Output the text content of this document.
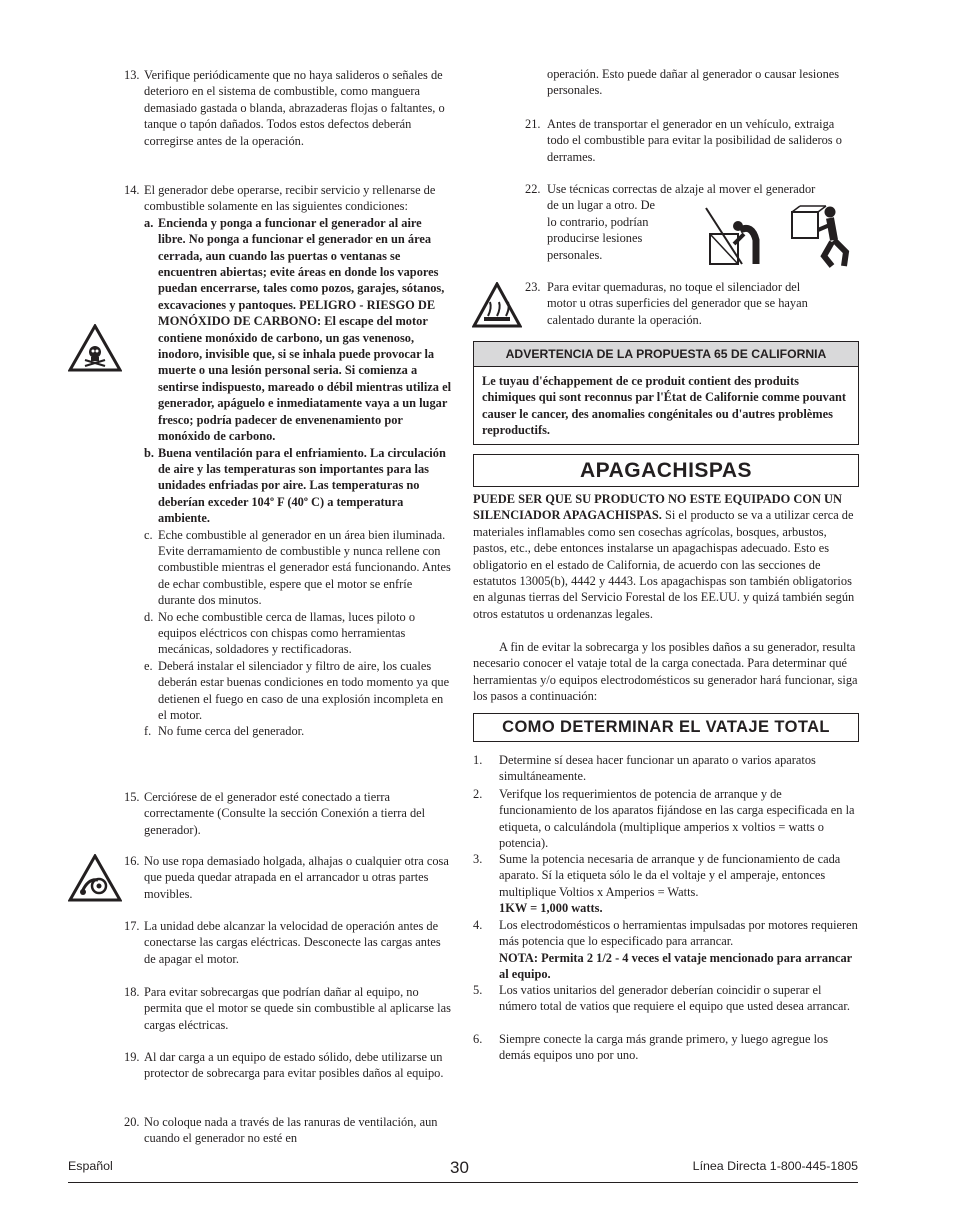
13. Verifique periódicamente que no haya salideros o señales de deterioro en el sistema de combustible, como manguera demasiado gastada o blanda, abrazaderas flojas o faltantes, o tanque o tapón dañados. Todos estos defectos deberán corregirse antes de la operación.
14. El generador debe operarse, recibir servicio y rellenarse de combustible solamente en las siguientes condiciones:
a. Encienda y ponga a funcionar el generador al aire libre. No ponga a funcionar el generador en un área cerrada, aun cuando las puertas o ventanas se encuentren abiertas; evite áreas en donde los vapores puedan encerrarse, tales como pozos, garajes, sótanos, excavaciones y pantoques. PELIGRO - RIESGO DE MONÓXIDO DE CARBONO: El escape del motor contiene monóxido de carbono, un gas venenoso, inodoro, invisible que, si se inhala puede provocar la muerte o una lesión personal seria. Si comienza a sentirse indispuesto, mareado o débil mientras utiliza el generador, apáguelo e inmediatamente vaya a un lugar fresco; podría padecer de envenenamiento por monóxido de carbono.
b. Buena ventilación para el enfriamiento. La circulación de aire y las temperaturas son importantes para las unidades enfriadas por aire. Las temperaturas no deberían exceder 104º F (40º C) a temperatura ambiente.
c. Eche combustible al generador en un área bien iluminada. Evite derramamiento de combustible y nunca rellene con combustible mientras el generador está funcionando. Antes de echar combustible, espere que el motor se enfríe durante dos minutos.
d. No eche combustible cerca de llamas, luces piloto o equipos eléctricos con chispas como herramientas mecánicas, soldadores y rectificadoras.
e. Deberá instalar el silenciador y filtro de aire, los cuales deberán estar buenas condiciones en todo momento ya que detienen el fuego en caso de una explosión incompleta en el motor.
f. No fume cerca del generador.
15. Cerciórese de el generador esté conectado a tierra correctamente (Consulte la sección Conexión a tierra del generador).
16. No use ropa demasiado holgada, alhajas o cualquier otra cosa que pueda quedar atrapada en el arrancador u otras partes movibles.
17. La unidad debe alcanzar la velocidad de operación antes de conectarse las cargas eléctricas. Desconecte las cargas antes de apagar el motor.
18. Para evitar sobrecargas que podrían dañar al equipo, no permita que el motor se quede sin combustible al aplicarse las cargas eléctricas.
19. Al dar carga a un equipo de estado sólido, debe utilizarse un protector de sobrecarga para evitar posibles daños al equipo.
20. No coloque nada a través de las ranuras de ventilación, aun cuando el generador no esté en
operación. Esto puede dañar al generador o causar lesiones personales.
21. Antes de transportar el generador en un vehículo, extraiga todo el combustible para evitar la posibilidad de salideros o derrames.
22. Use técnicas correctas de alzaje al mover el generador
de un lugar a otro. De lo contrario, podrían producirse lesiones personales.
23. Para evitar quemaduras, no toque el silenciador del motor u otras superficies del generador que se hayan calentado durante la operación.
ADVERTENCIA DE LA PROPUESTA 65 DE CALIFORNIA
Le tuyau d'échappement de ce produit contient des produits chimiques qui sont reconnus par l'État de Californie comme pouvant causer le cancer, des anomalies congénitales ou d'autres problèmes reproductifs.
APAGACHISPAS
PUEDE SER QUE SU PRODUCTO NO ESTE EQUIPADO CON UN SILENCIADOR APAGACHISPAS. Si el producto se va a utilizar cerca de materiales inflamables como sen cosechas agrícolas, bosques, arbustos, pastos, etc., debe entonces instalarse un apagachispas adecuado. Esto es obligatorio en el estado de California, de acuerdo con las secciones de estatutos 13005(b), 4442 y 4443. Los apagachispas son también obligatorios en algunas tierras del Servicio Forestal de los EE.UU. y quizá también según otros estatutos u ordenanzas legales.
A fin de evitar la sobrecarga y los posibles daños a su generador, resulta necesario conocer el vataje total de la carga conectada. Para determinar qué herramientas y/o equipos electrodomésticos su generador hará funcionar, siga los pasos a continuación:
COMO DETERMINAR EL VATAJE TOTAL
1.	Determine sí desea hacer funcionar un aparato o varios aparatos simultáneamente.
2.	Verifque los requerimientos de potencia de arranque y de funcionamiento de los aparatos fijándose en las carga especificada en la etiqueta, o calculándola (multiplique amperios x voltios = watts o potencia).
3. Sume la potencia necesaria de arranque y de funcionamiento de cada aparato. Sí la etiqueta sólo le da el voltaje y el amperaje, entonces multiplique Voltios x Amperios = Watts.
1KW = 1,000 watts.
4. Los electrodomésticos o herramientas impulsadas por motores requieren más potencia que lo especificado para arrancar.
NOTA: Permita 2 1/2 - 4 veces el vataje mencionado para arrancar al equipo.
5.	Los vatios unitarios del generador deberían coincidir o superar el número total de vatios que requiere el equipo que usted desea arrancar.
6.	Siempre conecte la carga más grande primero, y luego agregue los demás equipos uno por uno.
Español	30	Línea Directa 1-800-445-1805
